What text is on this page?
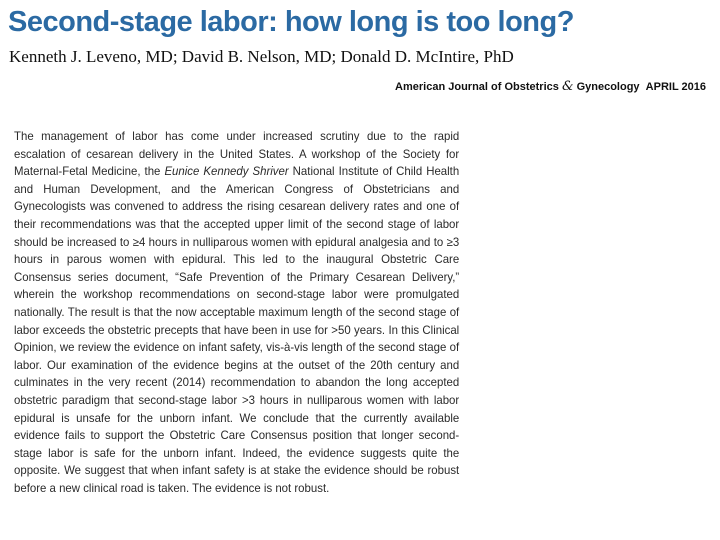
Second-stage labor: how long is too long?
Kenneth J. Leveno, MD; David B. Nelson, MD; Donald D. McIntire, PhD
American Journal of Obstetrics & Gynecology APRIL 2016
The management of labor has come under increased scrutiny due to the rapid escalation of cesarean delivery in the United States. A workshop of the Society for Maternal-Fetal Medicine, the Eunice Kennedy Shriver National Institute of Child Health and Human Development, and the American Congress of Obstetricians and Gynecologists was convened to address the rising cesarean delivery rates and one of their recommendations was that the accepted upper limit of the second stage of labor should be increased to ≥4 hours in nulliparous women with epidural analgesia and to ≥3 hours in parous women with epidural. This led to the inaugural Obstetric Care Consensus series document, “Safe Prevention of the Primary Cesarean Delivery,” wherein the workshop recommendations on second-stage labor were promulgated nationally. The result is that the now acceptable maximum length of the second stage of labor exceeds the obstetric precepts that have been in use for >50 years. In this Clinical Opinion, we review the evidence on infant safety, vis-à-vis length of the second stage of labor. Our examination of the evidence begins at the outset of the 20th century and culminates in the very recent (2014) recommendation to abandon the long accepted obstetric paradigm that second-stage labor >3 hours in nulliparous women with labor epidural is unsafe for the unborn infant. We conclude that the currently available evidence fails to support the Obstetric Care Consensus position that longer second-stage labor is safe for the unborn infant. Indeed, the evidence suggests quite the opposite. We suggest that when infant safety is at stake the evidence should be robust before a new clinical road is taken. The evidence is not robust.
